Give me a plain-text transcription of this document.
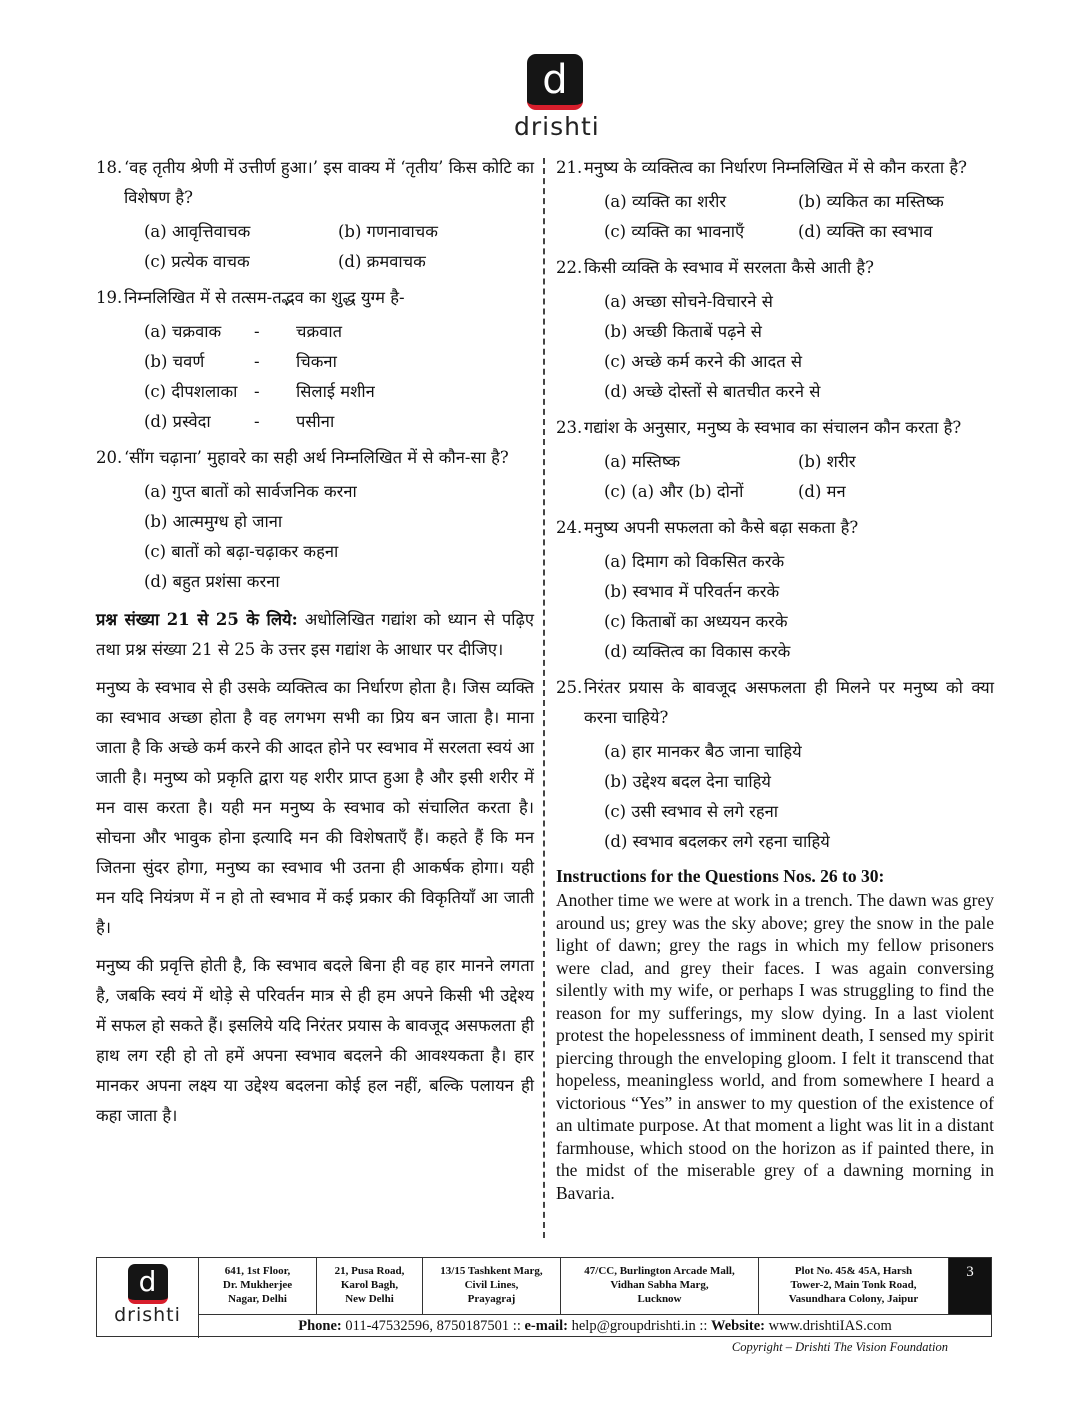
d
drishti
18. ‘वह तृतीय श्रेणी में उत्तीर्ण हुआ।’ इस वाक्य में ‘तृतीय’ किस कोटि का विशेषण है?
(a) आवृत्तिवाचक	(b) गणनावाचक
(c) प्रत्येक वाचक	(d) क्रमवाचक
19. निम्नलिखित में से तत्सम-तद्भव का शुद्ध युग्म है-
(a) चक्रवाक	-	चक्रवात
(b) चवर्ण	-	चिकना
(c) दीपशलाका	-	सिलाई मशीन
(d) प्रस्वेदा	-	पसीना
20. ‘सींग चढ़ाना’ मुहावरे का सही अर्थ निम्नलिखित में से कौन-सा है?
(a) गुप्त बातों को सार्वजनिक करना
(b) आत्ममुग्ध हो जाना
(c) बातों को बढ़ा-चढ़ाकर कहना
(d) बहुत प्रशंसा करना

प्रश्न संख्या 21 से 25 के लिये: अधोलिखित गद्यांश को ध्यान से पढ़िए तथा प्रश्न संख्या 21 से 25 के उत्तर इस गद्यांश के आधार पर दीजिए।

मनुष्य के स्वभाव से ही उसके व्यक्तित्व का निर्धारण होता है। जिस व्यक्ति का स्वभाव अच्छा होता है वह लगभग सभी का प्रिय बन जाता है। माना जाता है कि अच्छे कर्म करने की आदत होने पर स्वभाव में सरलता स्वयं आ जाती है। मनुष्य को प्रकृति द्वारा यह शरीर प्राप्त हुआ है और इसी शरीर में मन वास करता है। यही मन मनुष्य के स्वभाव को संचालित करता है। सोचना और भावुक होना इत्यादि मन की विशेषताएँ हैं। कहते हैं कि मन जितना सुंदर होगा, मनुष्य का स्वभाव भी उतना ही आकर्षक होगा। यही मन यदि नियंत्रण में न हो तो स्वभाव में कई प्रकार की विकृतियाँ आ जाती है।

मनुष्य की प्रवृत्ति होती है, कि स्वभाव बदले बिना ही वह हार मानने लगता है, जबकि स्वयं में थोड़े से परिवर्तन मात्र से ही हम अपने किसी भी उद्देश्य में सफल हो सकते हैं। इसलिये यदि निरंतर प्रयास के बावजूद असफलता ही हाथ लग रही हो तो हमें अपना स्वभाव बदलने की आवश्यकता है। हार मानकर अपना लक्ष्य या उद्देश्य बदलना कोई हल नहीं, बल्कि पलायन ही कहा जाता है।

21. मनुष्य के व्यक्तित्व का निर्धारण निम्नलिखित में से कौन करता है?
(a) व्यक्ति का शरीर	(b) व्यकित का मस्तिष्क
(c) व्यक्ति का भावनाएँ	(d) व्यक्ति का स्वभाव
22. किसी व्यक्ति के स्वभाव में सरलता कैसे आती है?
(a) अच्छा सोचने-विचारने से
(b) अच्छी किताबें पढ़ने से
(c) अच्छे कर्म करने की आदत से
(d) अच्छे दोस्तों से बातचीत करने से
23. गद्यांश के अनुसार, मनुष्य के स्वभाव का संचालन कौन करता है?
(a) मस्तिष्क	(b) शरीर
(c) (a) और (b) दोनों	(d) मन
24. मनुष्य अपनी सफलता को कैसे बढ़ा सकता है?
(a) दिमाग को विकसित करके
(b) स्वभाव में परिवर्तन करके
(c) किताबों का अध्ययन करके
(d) व्यक्तित्व का विकास करके
25. निरंतर प्रयास के बावजूद असफलता ही मिलने पर मनुष्य को क्या करना चाहिये?
(a) हार मानकर बैठ जाना चाहिये
(b) उद्देश्य बदल देना चाहिये
(c) उसी स्वभाव से लगे रहना
(d) स्वभाव बदलकर लगे रहना चाहिये
Instructions for the Questions Nos. 26 to 30:

Another time we were at work in a trench. The dawn was grey around us; grey was the sky above; grey the snow in the pale light of dawn; grey the rags in which my fellow prisoners were clad, and grey their faces. I was again conversing silently with my wife, or perhaps I was struggling to find the reason for my sufferings, my slow dying. In a last violent protest the hopelessness of imminent death, I sensed my spirit piercing through the enveloping gloom. I felt it transcend that hopeless, meaningless world, and from somewhere I heard a victorious “Yes” in answer to my question of the existence of an ultimate purpose. At that moment a light was lit in a distant farmhouse, which stood on the horizon as if painted there, in the midst of the miserable grey of a dawning morning in Bavaria.

d
drishti
641, 1st Floor,
Dr. Mukherjee
Nagar, Delhi
21, Pusa Road,
Karol Bagh,
New Delhi
13/15 Tashkent Marg,
Civil Lines,
Prayagraj
47/CC, Burlington Arcade Mall,
Vidhan Sabha Marg,
Lucknow
Plot No. 45& 45A, Harsh
Tower-2, Main Tonk Road,
Vasundhara Colony, Jaipur
3
Phone: 011-47532596, 8750187501 :: e-mail: help@groupdrishti.in :: Website: www.drishtiIAS.com
Copyright – Drishti The Vision Foundation
